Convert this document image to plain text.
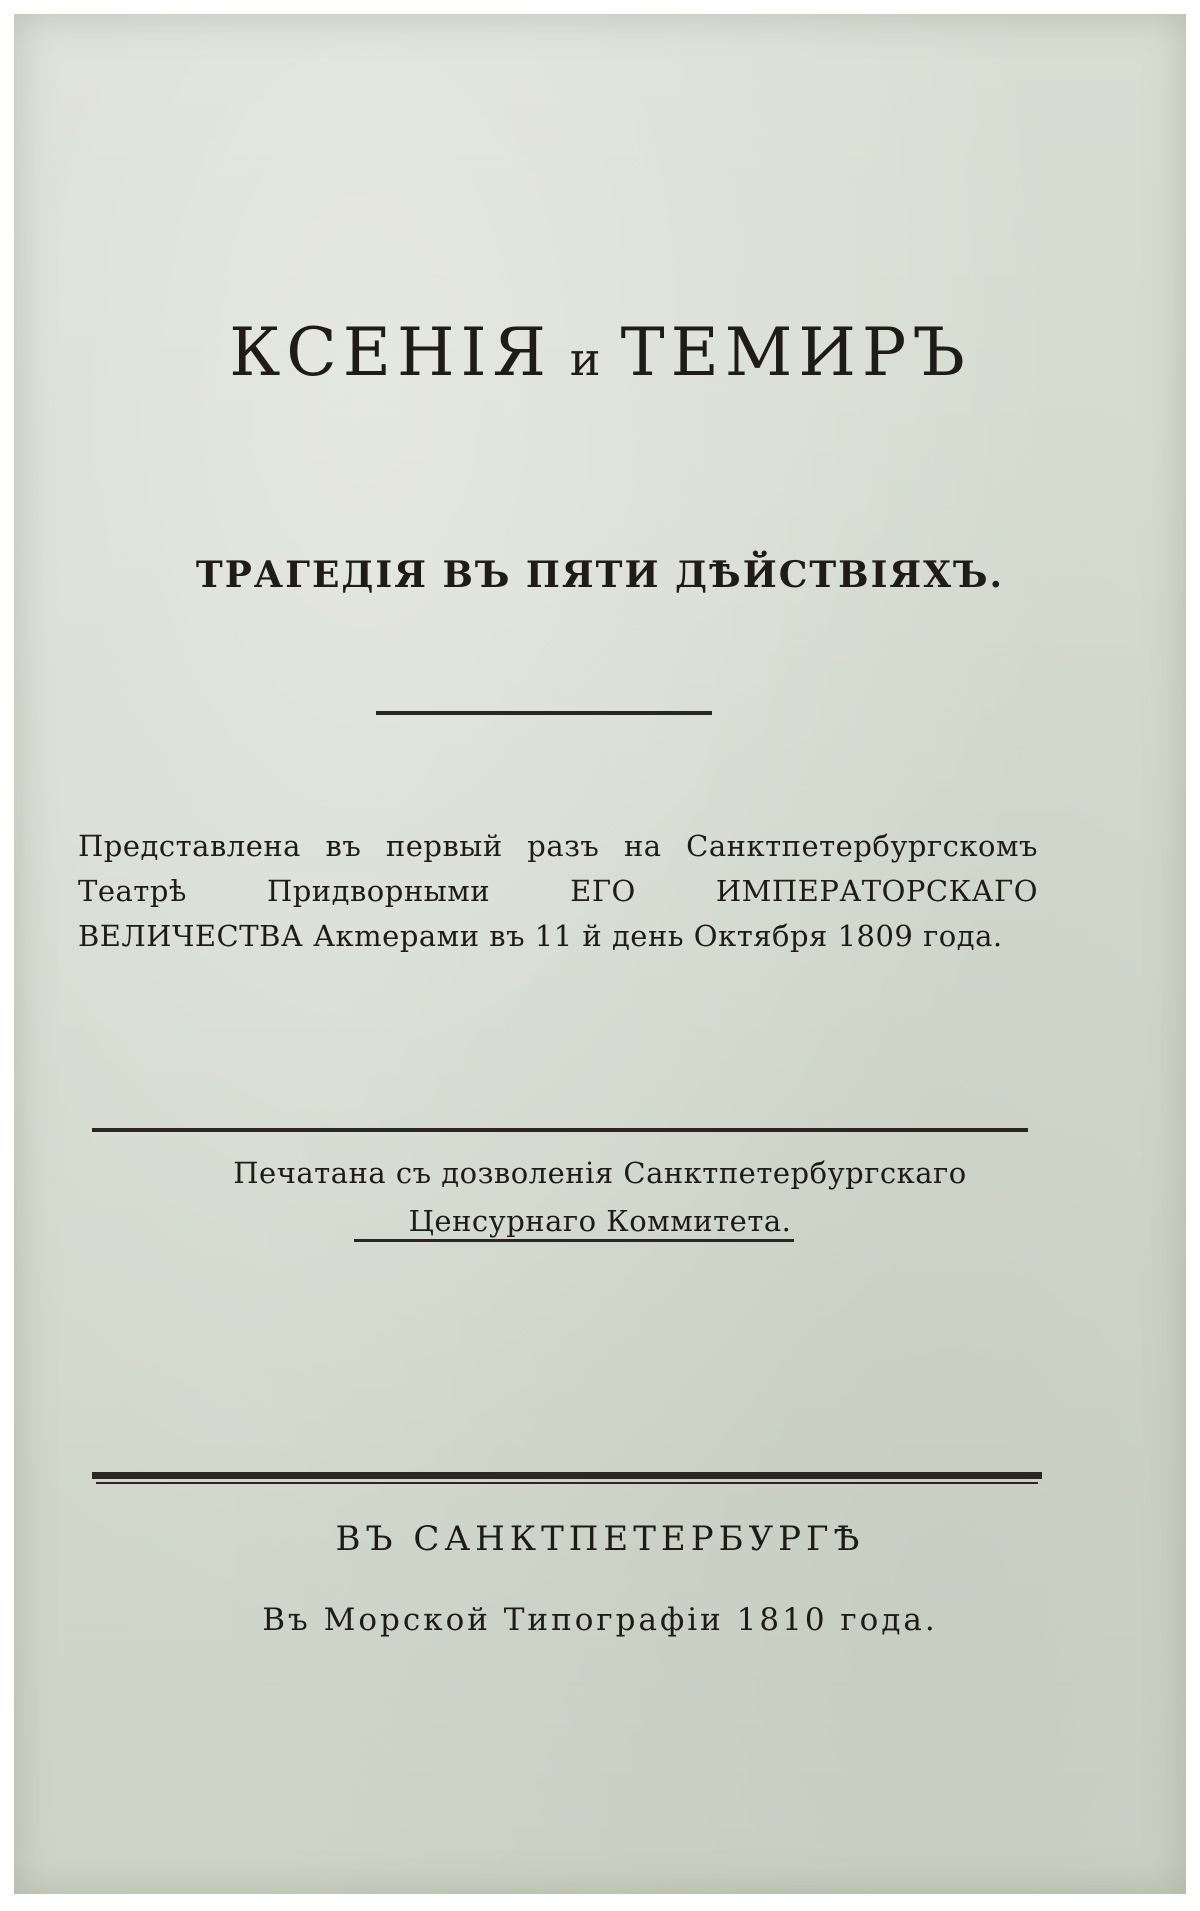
КСЕНІЯ и ТЕМИРЪ
ТРАГЕДІЯ ВЪ ПЯТИ ДѢЙСТВІЯХЪ.
Представлена въ первый разъ на Санктпетербургскомъ Театрѣ Придворными ЕГО ИМПЕРАТОРСКАГО ВЕЛИЧЕСТВА Акmерами въ 11 й день Октября 1809 года.
Печатана съ дозволенія Санктпетербургскаго
Ценсурнаго Коммитета.
ВЪ САНКТПЕТЕРБУРГѢ
Въ Морской Типографіи 1810 года.
